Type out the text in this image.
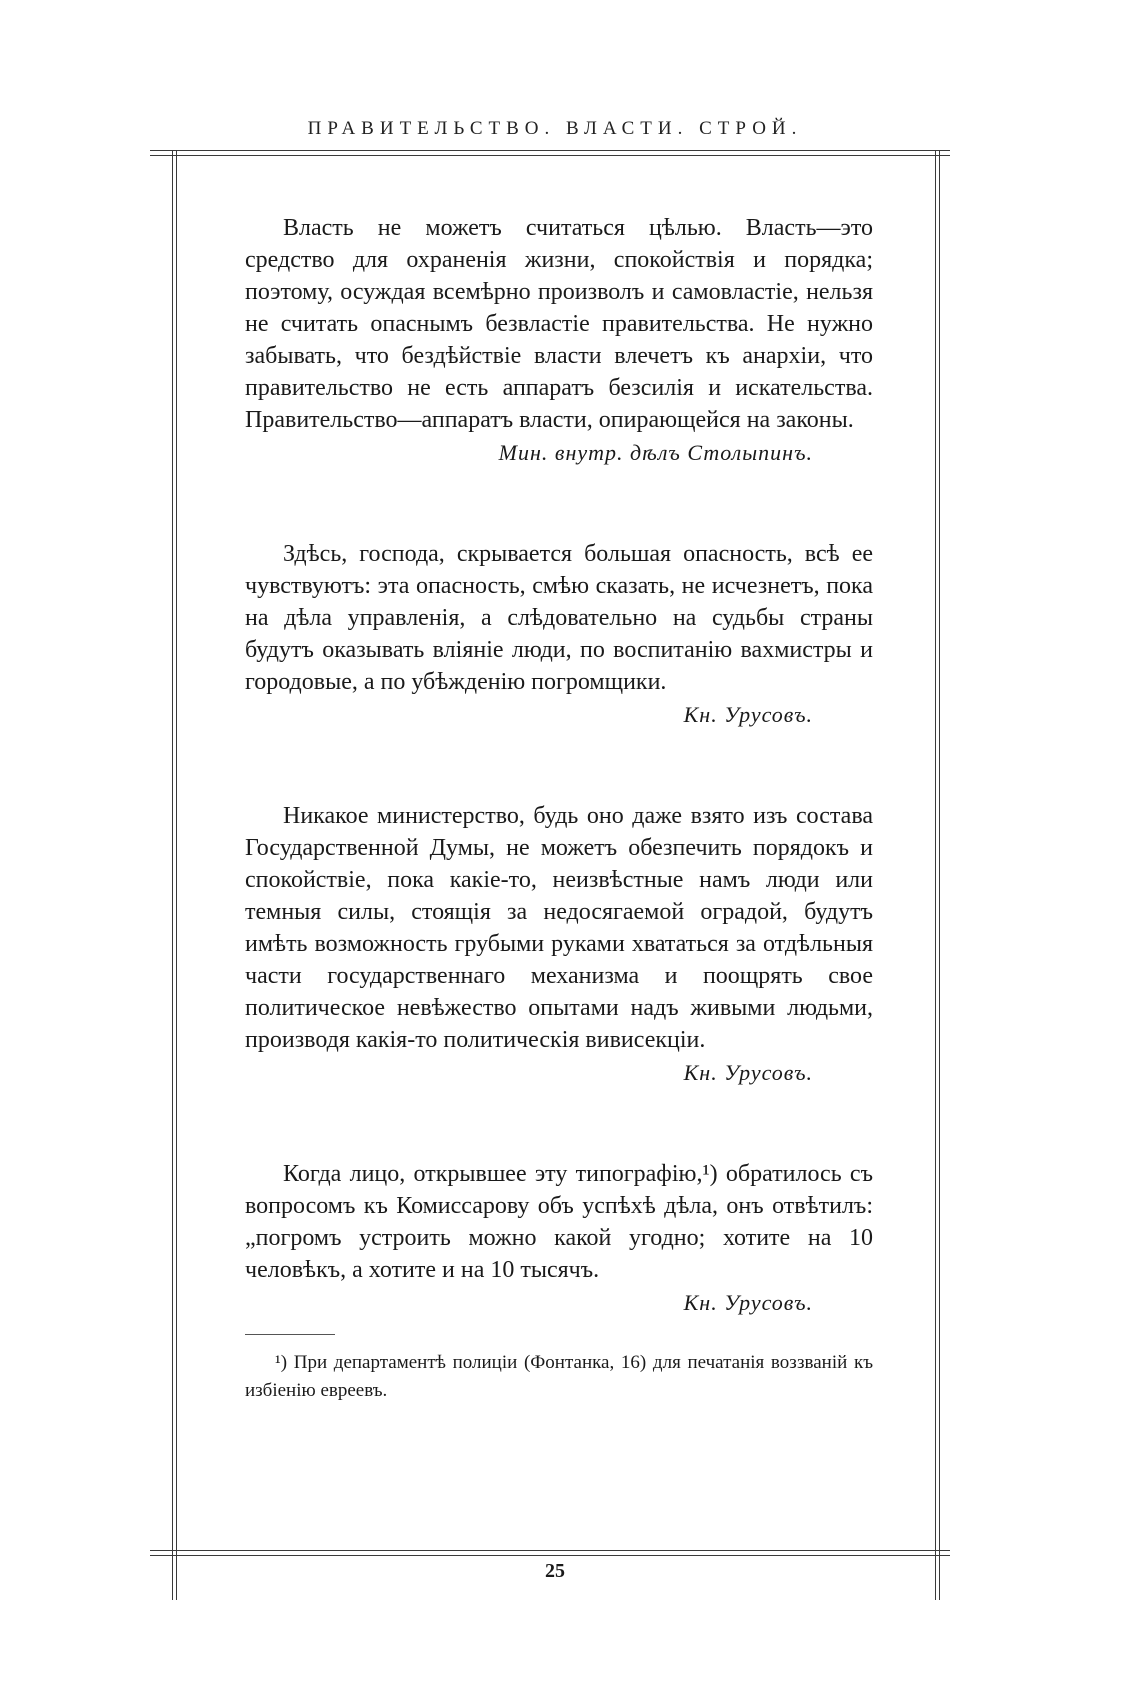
ПРАВИТЕЛЬСТВО. ВЛАСТИ. СТРОЙ.

Власть не можетъ считаться цѣлью. Власть—это средство для охраненія жизни, спокойствія и порядка; поэтому, осуждая всемѣрно произволъ и самовластіе, нельзя не считать опаснымъ безвластіе правительства. Не нужно забывать, что бездѣйствіе власти влечетъ къ анархіи, что правительство не есть аппаратъ безсилія и искательства. Правительство—аппаратъ власти, опирающейся на законы.

Мин. внутр. дѣлъ Столыпинъ.

Здѣсь, господа, скрывается большая опасность, всѣ ее чувствуютъ: эта опасность, смѣю сказать, не исчезнетъ, пока на дѣла управленія, а слѣдовательно на судьбы страны будутъ оказывать вліяніе люди, по воспитанію вахмистры и городовые, а по убѣжденію погромщики.

Кн. Урусовъ.

Никакое министерство, будь оно даже взято изъ состава Государственной Думы, не можетъ обезпечить порядокъ и спокойствіе, пока какіе-то, неизвѣстные намъ люди или темныя силы, стоящія за недосягаемой оградой, будутъ имѣть возможность грубыми руками хвататься за отдѣльныя части государственнаго механизма и поощрять свое политическое невѣжество опытами надъ живыми людьми, производя какія-то политическія вивисекціи.

Кн. Урусовъ.

Когда лицо, открывшее эту типографію,¹) обратилось съ вопросомъ къ Комиссарову объ успѣхѣ дѣла, онъ отвѣтилъ: „погромъ устроить можно какой угодно; хотите на 10 человѣкъ, а хотите и на 10 тысячъ.

Кн. Урусовъ.

¹) При департаментѣ полиціи (Фонтанка, 16) для печатанія воззваній къ избіенію евреевъ.

25
